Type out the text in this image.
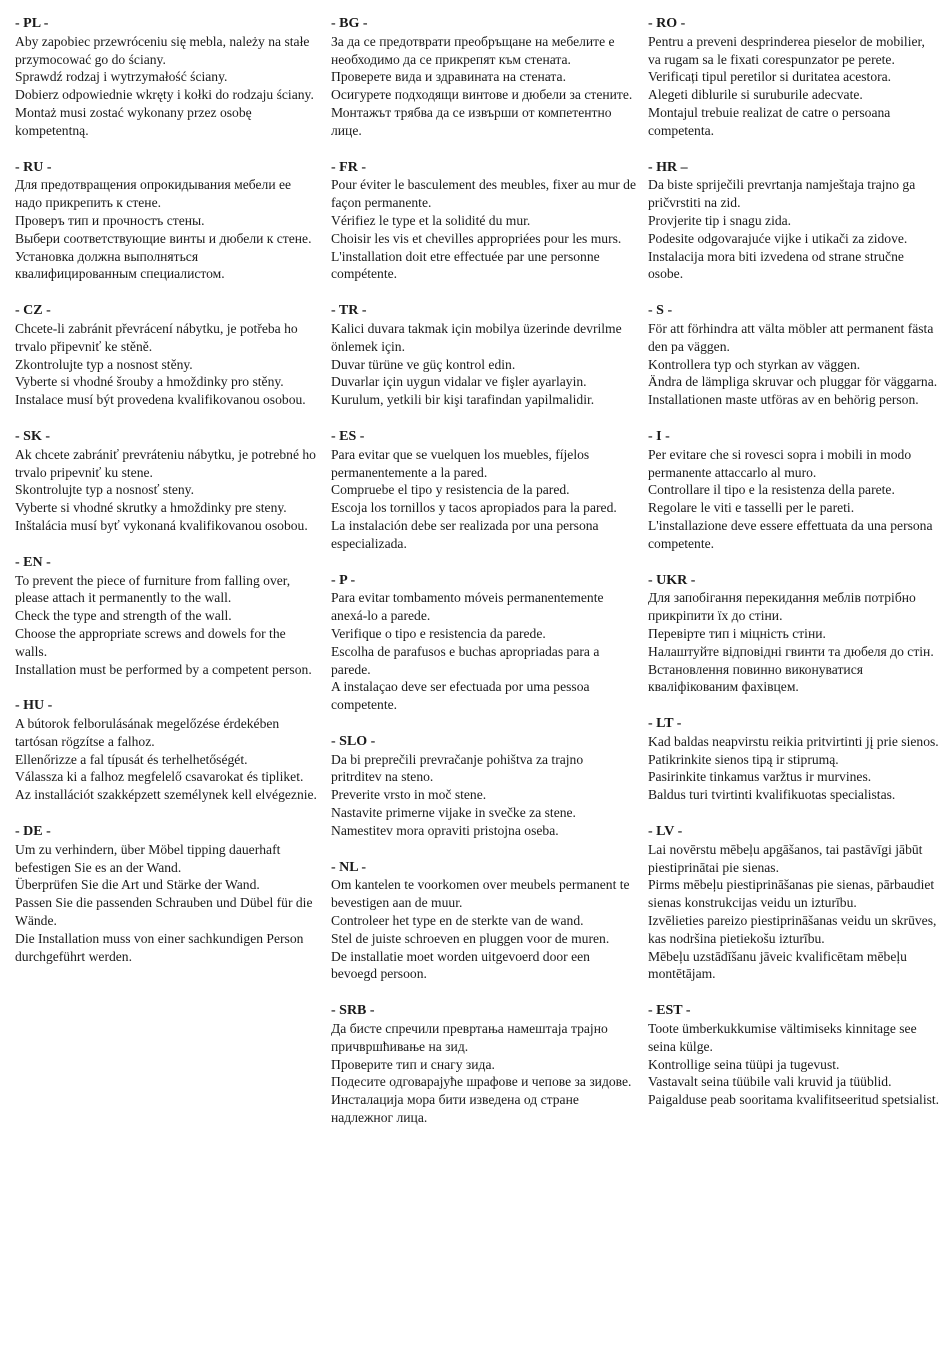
- PL -
Aby zapobiec przewróceniu się mebla, należy na stałe przymocować go do ściany.
Sprawdź rodzaj i wytrzymałość ściany.
Dobierz odpowiednie wkręty i kołki do rodzaju ściany.
Montaż musi zostać wykonany przez osobę kompetentną.
- RU -
Для предотвращения опрокидывания мебели ее надо прикрепить к стене.
Проверъ тип и прочностъ стены.
Выбери соответствующие винты и дюбели к стене.
Установка должна выполняться квалифицированным специалистом.
- CZ -
Chcete-li zabránit převrácení nábytku, je potřeba ho trvalo připevniť ke stěně.
Zkontrolujte typ a nosnost stěny.
Vyberte si vhodné šrouby a hmoždinky pro stěny.
Instalace musí být provedena kvalifikovanou osobou.
- SK -
Ak chcete zabrániť prevráteniu nábytku, je potrebné ho trvalo pripevniť ku stene.
Skontrolujte typ a nosnosť steny.
Vyberte si vhodné skrutky a hmoždinky pre steny.
Inštalácia musí byť vykonaná kvalifikovanou osobou.
- EN -
To prevent the piece of furniture from falling over, please attach it permanently to the wall.
Check the type and strength of the wall.
Choose the appropriate screws and dowels for the walls.
Installation must be performed by a competent person.
- HU -
A bútorok felborulásának megelőzése érdekében tartósan rögzítse a falhoz.
Ellenőrizze a fal típusát és terhelhetőségét.
Válassza ki a falhoz megfelelő csavarokat és tipliket.
Az installációt szakképzett személynek kell elvégeznie.
- DE -
Um zu verhindern, über Möbel tipping dauerhaft befestigen Sie es an der Wand.
Überprüfen Sie die Art und Stärke der Wand.
Passen Sie die passenden Schrauben und Dübel für die Wände.
Die Installation muss von einer sachkundigen Person durchgeführt werden.
- BG -
За да се предотврати преобръщане на мебелите е необходимо да се прикрепят към стената.
Проверете вида и здравината на стената.
Осигурете подходящи винтове и дюбели за стените.
Монтажът трябва да се извърши от компетентно лице.
- FR -
Pour éviter le basculement des meubles, fixer au mur de façon permanente.
Vérifiez le type et la solidité du mur.
Choisir les vis et chevilles appropriées pour les murs.
L'installation doit etre effectuée par une personne compétente.
- TR -
Kalici duvara takmak için mobilya üzerinde devrilme önlemek için.
Duvar türüne ve güç kontrol edin.
Duvarlar için uygun vidalar ve fişler ayarlayin.
Kurulum, yetkili bir kişi tarafindan yapilmalidir.
- ES -
Para evitar que se vuelquen los muebles, fíjelos permanentemente a la pared.
Compruebe el tipo y resistencia de la pared.
Escoja los tornillos y tacos apropiados para la pared.
La instalación debe ser realizada por una persona especializada.
- P -
Para evitar tombamento móveis permanentemente anexá-lo a parede.
Verifique o tipo e resistencia da parede.
Escolha de parafusos e buchas apropriadas para a parede.
A instalaçao deve ser efectuada por uma pessoa competente.
- SLO -
Da bi preprečili prevračanje pohištva za trajno pritrditev na steno.
Preverite vrsto in moč stene.
Nastavite primerne vijake in svečke za stene.
Namestitev mora opraviti pristojna oseba.
- NL -
Om kantelen te voorkomen over meubels permanent te bevestigen aan de muur.
Controleer het type en de sterkte van de wand.
Stel de juiste schroeven en pluggen voor de muren.
De installatie moet worden uitgevoerd door een bevoegd persoon.
- SRB -
Да бисте спречили превртања намештаја трајно причвршћивање на зид.
Проверите тип и снагу зида.
Подесите одговарајуће шрафове и чепове за зидове.
Инсталација мора бити изведена од стране надлежног лица.
- RO -
Pentru a preveni desprinderea pieselor de mobilier, va rugam sa le fixati corespunzator pe perete.
Verificați tipul peretilor si duritatea acestora.
Alegeti diblurile si suruburile adecvate.
Montajul trebuie realizat de catre o persoana competenta.
- HR –
Da biste spriječili prevrtanja namještaja trajno ga pričvrstiti na zid.
Provjerite tip i snagu zida.
Podesite odgovarajuće vijke i utikači za zidove.
Instalacija mora biti izvedena od strane stručne osobe.
- S -
För att förhindra att välta möbler att permanent fästa den pa väggen.
Kontrollera typ och styrkan av väggen.
Ändra de lämpliga skruvar och pluggar för väggarna.
Installationen maste utföras av en behörig person.
- I -
Per evitare che si rovesci sopra i mobili in modo permanente attaccarlo al muro.
Controllare il tipo e la resistenza della parete.
Regolare le viti e tasselli per le pareti.
L'installazione deve essere effettuata da una persona competente.
- UKR -
Для запобігання перекидання меблів потрібно прикріпити їх до стіни.
Перевірте тип і міцність стіни.
Налаштуйте відповідні гвинти та дюбеля до стін.
Встановлення повинно виконуватися кваліфікованим фахівцем.
- LT -
Kad baldas neapvirstu reikia pritvirtinti jį prie sienos.
Patikrinkite sienos tipą ir stiprumą.
Pasirinkite tinkamus varžtus ir murvines.
Baldus turi tvirtinti kvalifikuotas specialistas.
- LV -
Lai novērstu mēbeļu apgāšanos, tai pastāvīgi jābūt piestiprinātai pie sienas.
Pirms mēbeļu piestiprināšanas pie sienas, pārbaudiet sienas konstrukcijas veidu un izturību.
Izvēlieties pareizo piestiprināšanas veidu un skrūves, kas nodršina pietiekošu izturību.
Mēbeļu uzstādīšanu jāveic kvalificētam mēbeļu montētājam.
- EST -
Toote ümberkukkumise vältimiseks kinnitage see seina külge.
Kontrollige seina tüüpi ja tugevust.
Vastavalt seina tüübile vali kruvid ja tüüblid.
Paigalduse peab sooritama kvalifitseeritud spetsialist.
